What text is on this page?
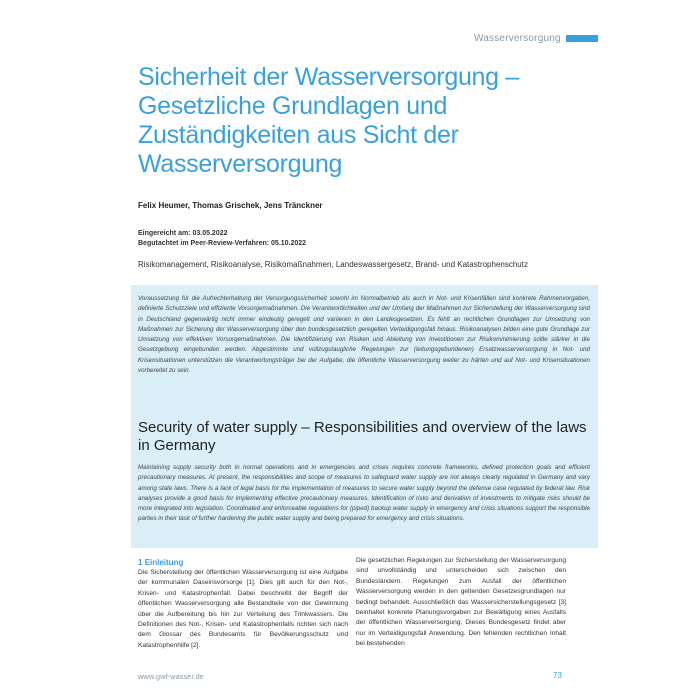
Wasserversorgung
Sicherheit der Wasserversorgung – Gesetzliche Grundlagen und Zuständigkeiten aus Sicht der Wasserversorgung
Felix Heumer, Thomas Grischek, Jens Tränckner
Eingereicht am: 03.05.2022
Begutachtet im Peer-Review-Verfahren: 05.10.2022
Risikomanagement, Risikoanalyse, Risikomaßnahmen, Landeswassergesetz, Brand- und Katastrophenschutz

Voraussetzung für die Aufrechterhaltung der Versorgungssicherheit sowohl im Normalbetrieb als auch in Not- und Krisenfällen sind konkrete Rahmenvorgaben, definierte Schutzziele und effiziente Vorsorgemaßnahmen. Die Verantwortlichkeiten und der Umfang der Maßnahmen zur Sicherstellung der Wasserversorgung sind in Deutschland gegenwärtig nicht immer eindeutig geregelt und variieren in den Landesgesetzen. Es fehlt an rechtlichen Grundlagen zur Umsetzung von Maßnahmen zur Sicherung der Wasserversorgung über den bundesgesetzlich geregelten Verteidigungsfall hinaus. Risikoanalysen bilden eine gute Grundlage zur Umsetzung von effektiven Vorsorgemaßnahmen. Die Identifizierung von Risiken und Ableitung von Investitionen zur Risikominimierung sollte stärker in die Gesetzgebung eingebunden werden. Abgestimmte und vollzugstaugliche Regelungen zur (leitungsgebundenen) Ersatzwasserversorgung in Not- und Krisensituationen unterstützen die Verantwortungsträger bei der Aufgabe, die öffentliche Wasserversorgung weiter zu härten und auf Not- und Krisensituationen vorbereitet zu sein.

Security of water supply – Responsibilities and overview of the laws in Germany

Maintaining supply security both in normal operations and in emergencies and crises requires concrete frameworks, defined protection goals and efficient precautionary measures. At present, the responsibilities and scope of measures to safeguard water supply are not always clearly regulated in Germany and vary among state laws. There is a lack of legal basis for the implementation of measures to secure water supply beyond the defense case regulated by federal law. Risk analyses provide a good basis for implementing effective precautionary measures. Identification of risks and derivation of investments to mitigate risks should be more integrated into legislation. Coordinated and enforceable regulations for (piped) backup water supply in emergency and crisis situations support the responsible parties in their task of further hardening the public water supply and being prepared for emergency and crisis situations.

1 Einleitung

Die Sicherstellung der öffentlichen Wasserversorgung ist eine Aufgabe der kommunalen Daseinsvorsorge [1]. Dies gilt auch für den Not-, Krisen- und Katastrophenfall. Dabei beschreibt der Begriff der öffentlichen Wasserversorgung alle Bestandteile von der Gewinnung über die Aufbereitung bis hin zur Verteilung des Trinkwassers. Die Definitionen des Not-, Krisen- und Katastrophenfalls richten sich nach dem Glossar des Bundesamts für Bevölkerungsschutz und Katastrophenhilfe [2].

Die gesetzlichen Regelungen zur Sicherstellung der Wasserversorgung sind unvollständig und unterscheiden sich zwischen den Bundesländern. Regelungen zum Ausfall der öffentlichen Wasserversorgung werden in den geltenden Gesetzesgrundlagen nur bedingt behandelt. Ausschließlich das Wassersicherstellungsgesetz [3] beinhaltet konkrete Planungsvorgaben zur Bewältigung eines Ausfalls der öffentlichen Wasserversorgung. Dieses Bundesgesetz findet aber nur im Verteidigungsfall Anwendung. Den fehlenden rechtlichen Inhalt bei bestehenden

www.gwf-wasser.de	73
